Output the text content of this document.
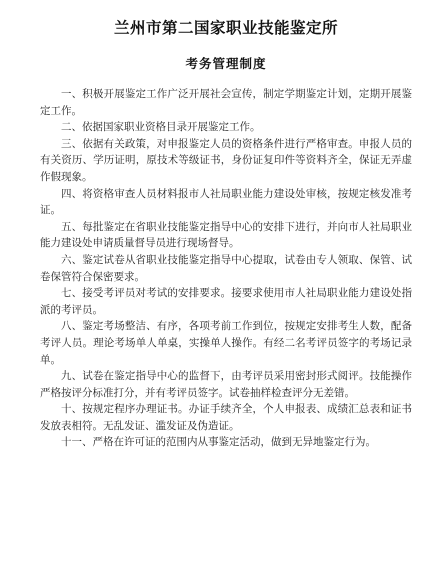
兰州市第二国家职业技能鉴定所
考务管理制度

一、积极开展鉴定工作广泛开展社会宣传，制定学期鉴定计划，定期开展鉴定工作。

二、依据国家职业资格目录开展鉴定工作。

三、依据有关政策，对申报鉴定人员的资格条件进行严格审查。申报人员的有关资历、学历证明，原技术等级证书，身份证复印件等资料齐全，保证无弄虚作假现象。

四、将资格审查人员材料报市人社局职业能力建设处审核，按规定核发准考证。

五、每批鉴定在省职业技能鉴定指导中心的安排下进行，并向市人社局职业能力建设处申请质量督导员进行现场督导。

六、鉴定试卷从省职业技能鉴定指导中心提取，试卷由专人领取、保管、试卷保管符合保密要求。

七、接受考评员对考试的安排要求。接要求使用市人社局职业能力建设处指派的考评员。

八、鉴定考场整洁、有序，各项考前工作到位，按规定安排考生人数，配备考评人员。理论考场单人单桌，实操单人操作。有经二名考评员签字的考场记录单。

九、试卷在鉴定指导中心的监督下，由考评员采用密封形式阅评。技能操作严格按评分标准打分，并有考评员签字。试卷抽样检查评分无差错。

十、按规定程序办理证书。办证手续齐全，个人申报表、成绩汇总表和证书发放表相符。无乱发证、滥发证及伪造证。

十一、严格在许可证的范围内从事鉴定活动，做到无异地鉴定行为。
